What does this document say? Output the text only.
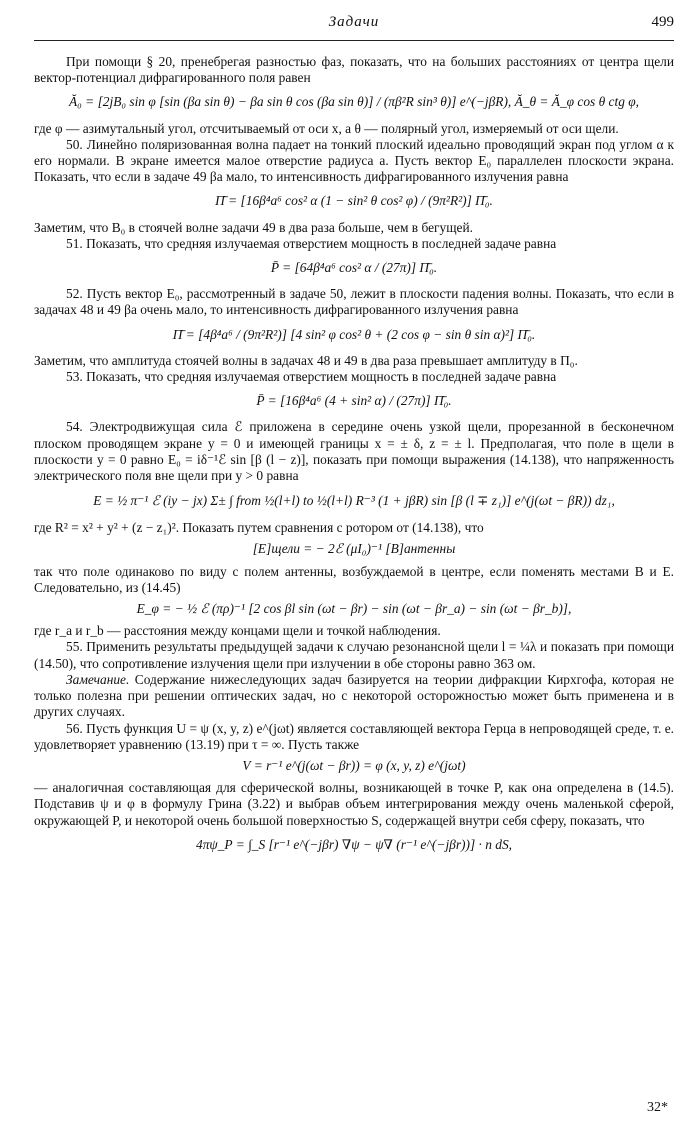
Задачи	499

При помощи § 20, пренебрегая разностью фаз, показать, что на больших расстояниях от центра щели вектор-потенциал дифрагированного поля равен

Ă₀ = [2jB₀ sin φ [sin (βa sin θ) − βa sin θ cos (βa sin θ)] / (πβ²R sin³ θ)] e^(−jβR), Ă_θ = Ă_φ cos θ ctg φ,

где φ — азимутальный угол, отсчитываемый от оси x, а θ — полярный угол, измеряемый от оси щели.

50. Линейно поляризованная волна падает на тонкий плоский идеально проводящий экран под углом α к его нормали. В экране имеется малое отверстие радиуса a. Пусть вектор E₀ параллелен плоскости экрана. Показать, что если в задаче 49 βa мало, то интенсивность дифрагированного излучения равна

Π̄ = [16β⁴a⁶ cos² α (1 − sin² θ cos² φ) / (9π²R²)] Π̄₀.

Заметим, что B₀ в стоячей волне задачи 49 в два раза больше, чем в бегущей.

51. Показать, что средняя излучаемая отверстием мощность в последней задаче равна

P̄ = [64β⁴a⁶ cos² α / (27π)] Π̄₀.

52. Пусть вектор E₀, рассмотренный в задаче 50, лежит в плоскости падения волны. Показать, что если в задачах 48 и 49 βa очень мало, то интенсивность дифрагированного излучения равна

Π̄ = [4β⁴a⁶ / (9π²R²)] [4 sin² φ cos² θ + (2 cos φ − sin θ sin α)²] Π̄₀.

Заметим, что амплитуда стоячей волны в задачах 48 и 49 в два раза превышает амплитуду в Π₀.

53. Показать, что средняя излучаемая отверстием мощность в последней задаче равна

P̄ = [16β⁴a⁶ (4 + sin² α) / (27π)] Π̄₀.

54. Электродвижущая сила ℰ приложена в середине очень узкой щели, прорезанной в бесконечном плоском проводящем экране y = 0 и имеющей границы x = ± δ, z = ± l. Предполагая, что поле в щели в плоскости y = 0 равно E₀ = iδ⁻¹ℰ sin [β (l − z)], показать при помощи выражения (14.138), что напряженность электрического поля вне щели при y > 0 равна

E = ½ π⁻¹ ℰ (iy − jx) Σ± ∫ from ½(l+l) to ½(l+l) R⁻³ (1 + jβR) sin [β (l ∓ z₁)] e^(j(ωt − βR)) dz₁,

где R² = x² + y² + (z − z₁)². Показать путем сравнения с ротором от (14.138), что

[E]щели = − 2ℰ (μI₀)⁻¹ [B]антенны

так что поле одинаково по виду с полем антенны, возбуждаемой в центре, если поменять местами B и E. Следовательно, из (14.45)

E_φ = − ½ ℰ (πρ)⁻¹ [2 cos βl sin (ωt − βr) − sin (ωt − βr_a) − sin (ωt − βr_b)],

где r_a и r_b — расстояния между концами щели и точкой наблюдения.

55. Применить результаты предыдущей задачи к случаю резонансной щели l = ¼λ и показать при помощи (14.50), что сопротивление излучения щели при излучении в обе стороны равно 363 ом.

Замечание. Содержание нижеследующих задач базируется на теории дифракции Кирхгофа, которая не только полезна при решении оптических задач, но с некоторой осторожностью может быть применена и в других случаях.

56. Пусть функция U = ψ (x, y, z) e^(jωt) является составляющей вектора Герца в непроводящей среде, т. е. удовлетворяет уравнению (13.19) при τ = ∞. Пусть также

V = r⁻¹ e^(j(ωt − βr)) = φ (x, y, z) e^(jωt)

— аналогичная составляющая для сферической волны, возникающей в точке P, как она определена в (14.5). Подставив ψ и φ в формулу Грина (3.22) и выбрав объем интегрирования между очень маленькой сферой, окружающей P, и некоторой очень большой поверхностью S, содержащей внутри себя сферу, показать, что

4πψ_P = ∫_S [r⁻¹ e^(−jβr) ∇ψ − ψ∇ (r⁻¹ e^(−jβr))] · n dS,
32*
